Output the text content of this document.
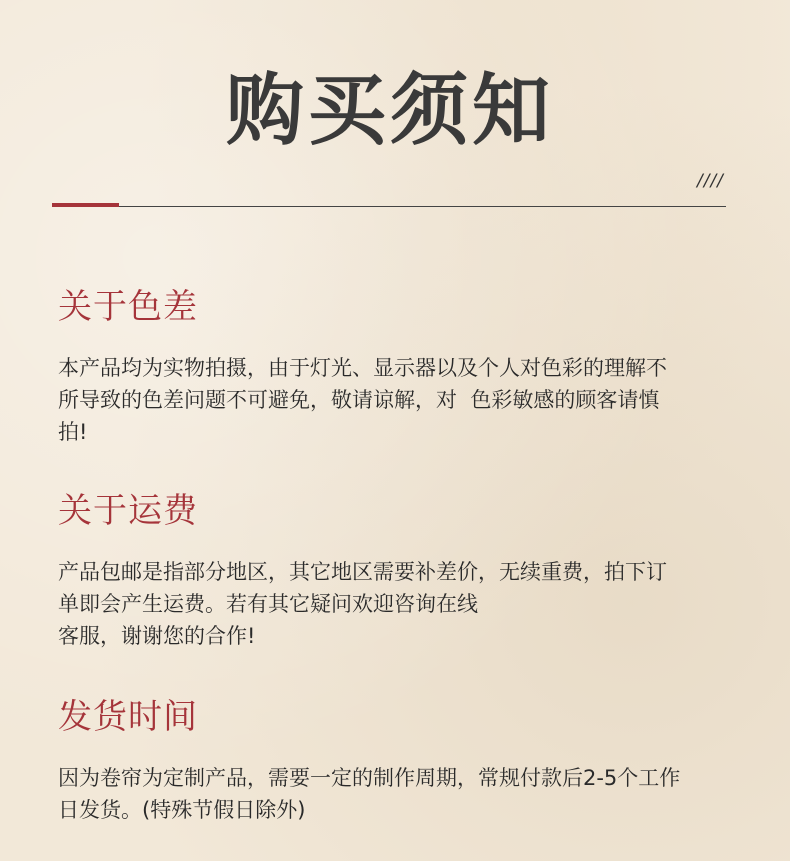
购买须知
////
关于色差

本产品均为实物拍摄，由于灯光、显示器以及个人对色彩的理解不

所导致的色差问题不可避免，敬请谅解，对  色彩敏感的顾客请慎

拍!

关于运费

产品包邮是指部分地区，其它地区需要补差价，无续重费，拍下订

单即会产生运费。若有其它疑问欢迎咨询在线

客服，谢谢您的合作!

发货时间

因为卷帘为定制产品，需要一定的制作周期，常规付款后2-5个工作

日发货。(特殊节假日除外)
